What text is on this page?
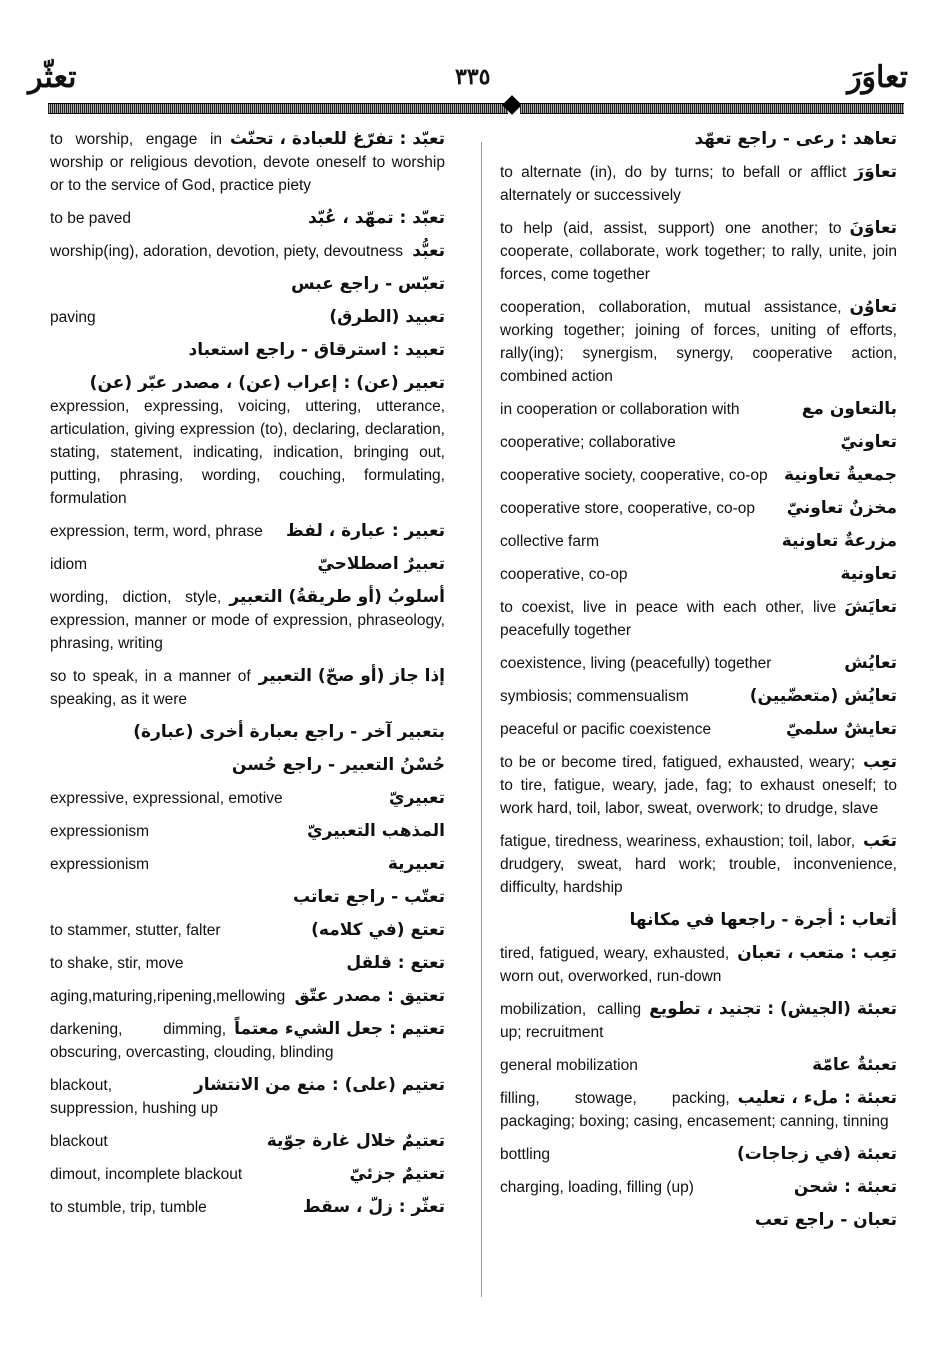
تعثّر	٣٣٥	تعاوَرَ
تعبّد : تفرّغ للعبادة ، تحنّث
to worship, engage in worship or religious devotion, devote oneself to worship or to the service of God, practice piety
تعبّد : تمهّد ، عُبّد
to be paved
تعبُّد
worship(ing), adoration, devotion, piety, devoutness
تعبّس - راجع عبس
تعبيد (الطرق)
paving
تعبيد : استرقاق - راجع استعباد
تعبير (عن) : إعراب (عن) ، مصدر عبّر (عن)
expression, expressing, voicing, uttering, utterance, articulation, giving expression (to), declaring, declaration, stating, statement, indicating, indication, bringing out, putting, phrasing, wording, couching, formulating, formulation
تعبير : عبارة ، لفظ
expression, term, word, phrase
تعبيرٌ اصطلاحيّ
idiom
أسلوبُ (أو طريقةُ) التعبير
wording, diction, style, expression, manner or mode of expression, phraseology, phrasing, writing
إذا جاز (أو صحّ) التعبير
so to speak, in a manner of speaking, as it were
بتعبير آخر - راجع بعبارة أخرى (عبارة)
حُسْنُ التعبير - راجع حُسن
تعبيريّ
expressive, expressional, emotive
المذهب التعبيريّ
expressionism
تعبيرية
expressionism
تعتّب - راجع تعاتب
تعتع (في كلامه)
to stammer, stutter, falter
تعتع : قلقل
to shake, stir, move
تعتيق : مصدر عتّق
aging,maturing,ripening,mellowing
تعتيم : جعل الشيء معتماً
darkening, dimming, obscuring, overcasting, clouding, blinding
تعتيم (على) : منع من الانتشار
blackout, suppression, hushing up
تعتيمٌ خلال غارة جوّية
blackout
تعتيمٌ جزئيّ
dimout, incomplete blackout
تعثّر : زلّ ، سقط
to stumble, trip, tumble
تعاهد : رعى - راجع تعهّد
تعاوَرَ
to alternate (in), do by turns; to befall or afflict alternately or successively
تعاوَنَ
to help (aid, assist, support) one another; to cooperate, collaborate, work together; to rally, unite, join forces, come together
تعاوُن
cooperation, collaboration, mutual assistance, working together; joining of forces, uniting of efforts, rally(ing); synergism, synergy, cooperative action, combined action
بالتعاون مع
in cooperation or collaboration with
تعاونيّ
cooperative; collaborative
جمعيةٌ تعاونية
cooperative society, cooperative, co-op
مخزنٌ تعاونيّ
cooperative store, cooperative, co-op
مزرعةٌ تعاونية
collective farm
تعاونية
cooperative, co-op
تعايَشَ
to coexist, live in peace with each other, live peacefully together
تعايُش
coexistence, living (peacefully) together
تعايُش (متعضّيين)
symbiosis; commensualism
تعايشٌ سلميّ
peaceful or pacific coexistence
تعِب
to be or become tired, fatigued, exhausted, weary; to tire, fatigue, weary, jade, fag; to exhaust oneself; to work hard, toil, labor, sweat, overwork; to drudge, slave
تعَب
fatigue, tiredness, weariness, exhaustion; toil, labor, drudgery, sweat, hard work; trouble, inconvenience, difficulty, hardship
أتعاب : أجرة - راجعها في مكانها
تعِب : متعب ، تعبان
tired, fatigued, weary, exhausted, worn out, overworked, run-down
تعبئة (الجيش) : تجنيد ، تطويع
mobilization, calling up; recruitment
تعبئةٌ عامّة
general mobilization
تعبئة : ملء ، تعليب
filling, stowage, packing, packaging; boxing; casing, encasement; canning, tinning
تعبئة (في زجاجات)
bottling
تعبئة : شحن
charging, loading, filling (up)
تعبان - راجع تعب
